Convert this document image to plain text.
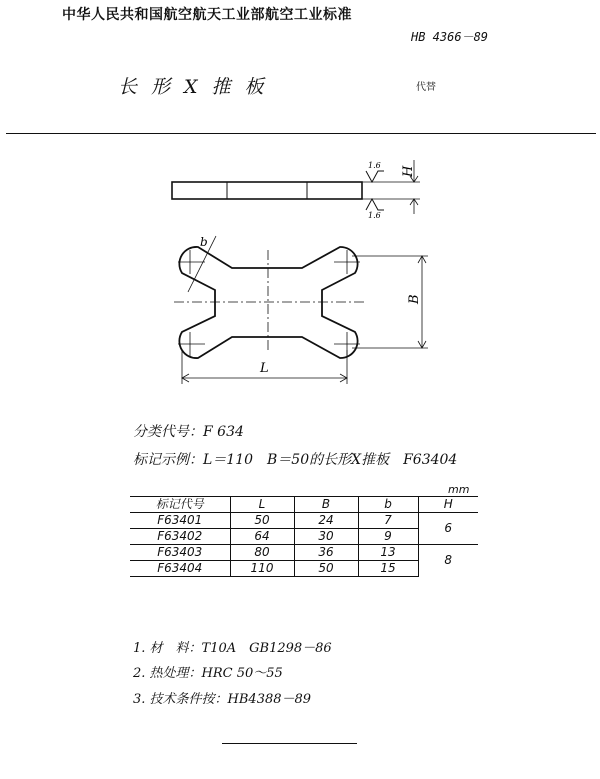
中华人民共和国航空航天工业部航空工业标准
HB 4366－89
长形X推板	代替
1.6
1.6
H
b
B
L
分类代号：F 634
标记示例：L＝110　B＝50的长形X推板　F63404
mm
标记代号	L	B	b	H
F63401	50	24	7	6
F63402	64	30	9	
F63403	80	36	13	8
F63404	110	50	15	
1. 材　料：T10A　GB1298－86
2. 热处理：HRC 50～55
3. 技术条件按：HB4388－89
